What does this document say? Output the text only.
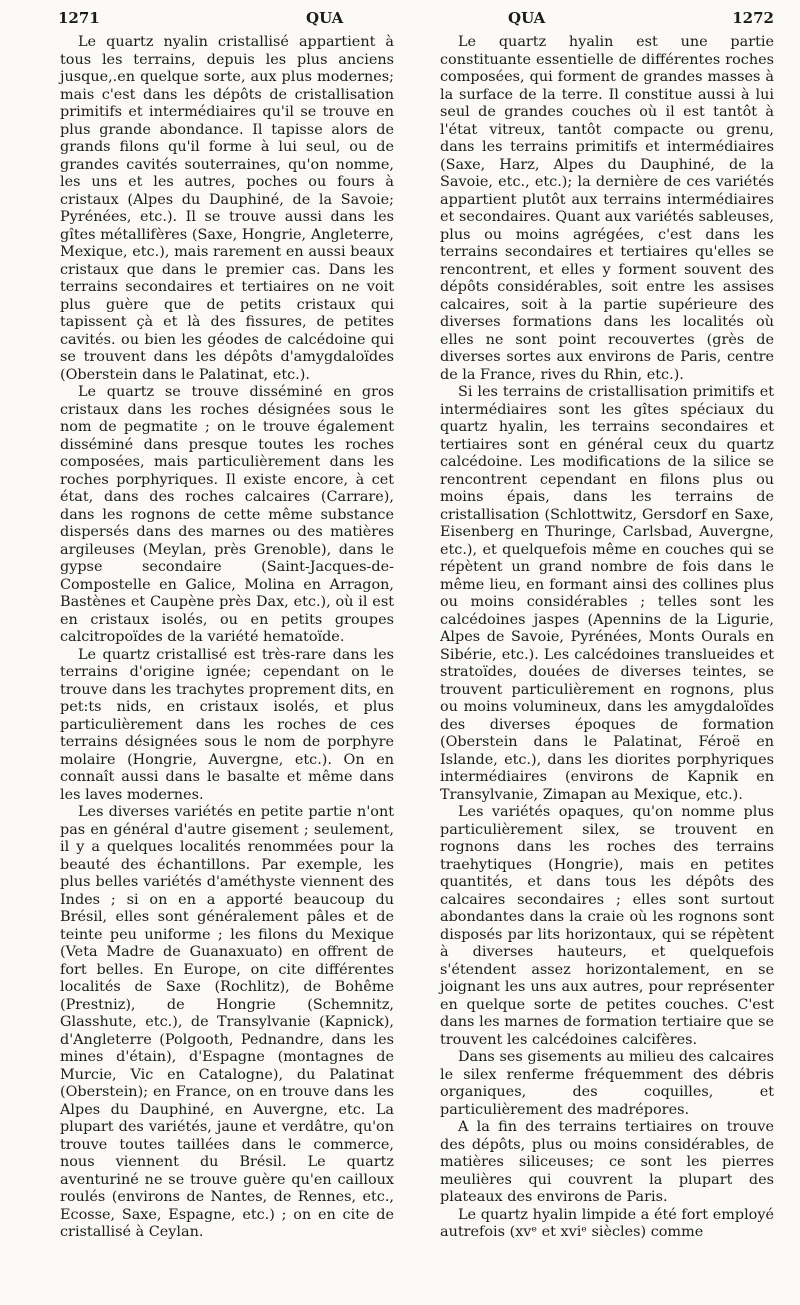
1271	QUA	QUA	1272

Le quartz nyalin cristallisé appartient à tous les terrains, depuis les plus anciens jusque,.en quelque sorte, aux plus modernes; mais c'est dans les dépôts de cristallisation primitifs et intermédiaires qu'il se trouve en plus grande abondance. Il tapisse alors de grands filons qu'il forme à lui seul, ou de grandes cavités souterraines, qu'on nomme, les uns et les autres, poches ou fours à cristaux (Alpes du Dauphiné, de la Savoie; Pyrénées, etc.). Il se trouve aussi dans les gîtes métallifères (Saxe, Hongrie, Angleterre, Mexique, etc.), mais rarement en aussi beaux cristaux que dans le premier cas. Dans les terrains secondaires et tertiaires on ne voit plus guère que de petits cristaux qui tapissent çà et là des fissures, de petites cavités. ou bien les géodes de calcédoine qui se trouvent dans les dépôts d'amygdaloïdes (Oberstein dans le Palatinat, etc.).

Le quartz se trouve disséminé en gros cristaux dans les roches désignées sous le nom de pegmatite ; on le trouve également disséminé dans presque toutes les roches composées, mais particulièrement dans les roches porphyriques. Il existe encore, à cet état, dans des roches calcaires (Carrare), dans les rognons de cette même substance dispersés dans des marnes ou des matières argileuses (Meylan, près Grenoble), dans le gypse secondaire (Saint-Jacques-de-Compostelle en Galice, Molina en Arragon, Bastènes et Caupène près Dax, etc.), où il est en cristaux isolés, ou en petits groupes calcitropoïdes de la variété hematoïde.

Le quartz cristallisé est très-rare dans les terrains d'origine ignée; cependant on le trouve dans les trachytes proprement dits, en pet:ts nids, en cristaux isolés, et plus particulièrement dans les roches de ces terrains désignées sous le nom de porphyre molaire (Hongrie, Auvergne, etc.). On en connaît aussi dans le basalte et même dans les laves modernes.

Les diverses variétés en petite partie n'ont pas en général d'autre gisement ; seulement, il y a quelques localités renommées pour la beauté des échantillons. Par exemple, les plus belles variétés d'améthyste viennent des Indes ; si on en a apporté beaucoup du Brésil, elles sont généralement pâles et de teinte peu uniforme ; les filons du Mexique (Veta Madre de Guanaxuato) en offrent de fort belles. En Europe, on cite différentes localités de Saxe (Rochlitz), de Bohême (Prestniz), de Hongrie (Schemnitz, Glasshute, etc.), de Transylvanie (Kapnick), d'Angleterre (Polgooth, Pednandre, dans les mines d'étain), d'Espagne (montagnes de Murcie, Vic en Catalogne), du Palatinat (Oberstein); en France, on en trouve dans les Alpes du Dauphiné, en Auvergne, etc. La plupart des variétés, jaune et verdâtre, qu'on trouve toutes taillées dans le commerce, nous viennent du Brésil. Le quartz aventuriné ne se trouve guère qu'en cailloux roulés (environs de Nantes, de Rennes, etc., Ecosse, Saxe, Espagne, etc.) ; on en cite de cristallisé à Ceylan.

Le quartz hyalin est une partie constituante essentielle de différentes roches composées, qui forment de grandes masses à la surface de la terre. Il constitue aussi à lui seul de grandes couches où il est tantôt à l'état vitreux, tantôt compacte ou grenu, dans les terrains primitifs et intermédiaires (Saxe, Harz, Alpes du Dauphiné, de la Savoie, etc., etc.); la dernière de ces variétés appartient plutôt aux terrains intermédiaires et secondaires. Quant aux variétés sableuses, plus ou moins agrégées, c'est dans les terrains secondaires et tertiaires qu'elles se rencontrent, et elles y forment souvent des dépôts considérables, soit entre les assises calcaires, soit à la partie supérieure des diverses formations dans les localités où elles ne sont point recouvertes (grès de diverses sortes aux environs de Paris, centre de la France, rives du Rhin, etc.).

Si les terrains de cristallisation primitifs et intermédiaires sont les gîtes spéciaux du quartz hyalin, les terrains secondaires et tertiaires sont en général ceux du quartz calcédoine. Les modifications de la silice se rencontrent cependant en filons plus ou moins épais, dans les terrains de cristallisation (Schlottwitz, Gersdorf en Saxe, Eisenberg en Thuringe, Carlsbad, Auvergne, etc.), et quelquefois même en couches qui se répètent un grand nombre de fois dans le même lieu, en formant ainsi des collines plus ou moins considérables ; telles sont les calcédoines jaspes (Apennins de la Ligurie, Alpes de Savoie, Pyrénées, Monts Ourals en Sibérie, etc.). Les calcédoines translueides et stratoïdes, douées de diverses teintes, se trouvent particulièrement en rognons, plus ou moins volumineux, dans les amygdaloïdes des diverses époques de formation (Oberstein dans le Palatinat, Féroë en Islande, etc.), dans les diorites porphyriques intermédiaires (environs de Kapnik en Transylvanie, Zimapan au Mexique, etc.).

Les variétés opaques, qu'on nomme plus particulièrement silex, se trouvent en rognons dans les roches des terrains traehytiques (Hongrie), mais en petites quantités, et dans tous les dépôts des calcaires secondaires ; elles sont surtout abondantes dans la craie où les rognons sont disposés par lits horizontaux, qui se répètent à diverses hauteurs, et quelquefois s'étendent assez horizontalement, en se joignant les uns aux autres, pour représenter en quelque sorte de petites couches. C'est dans les marnes de formation tertiaire que se trouvent les calcédoines calcifères.

Dans ses gisements au milieu des calcaires le silex renferme fréquemment des débris organiques, des coquilles, et particulièrement des madrépores.

A la fin des terrains tertiaires on trouve des dépôts, plus ou moins considérables, de matières siliceuses; ce sont les pierres meulières qui couvrent la plupart des plateaux des environs de Paris.

Le quartz hyalin limpide a été fort employé autrefois (xvᵉ et xviᵉ siècles) comme
